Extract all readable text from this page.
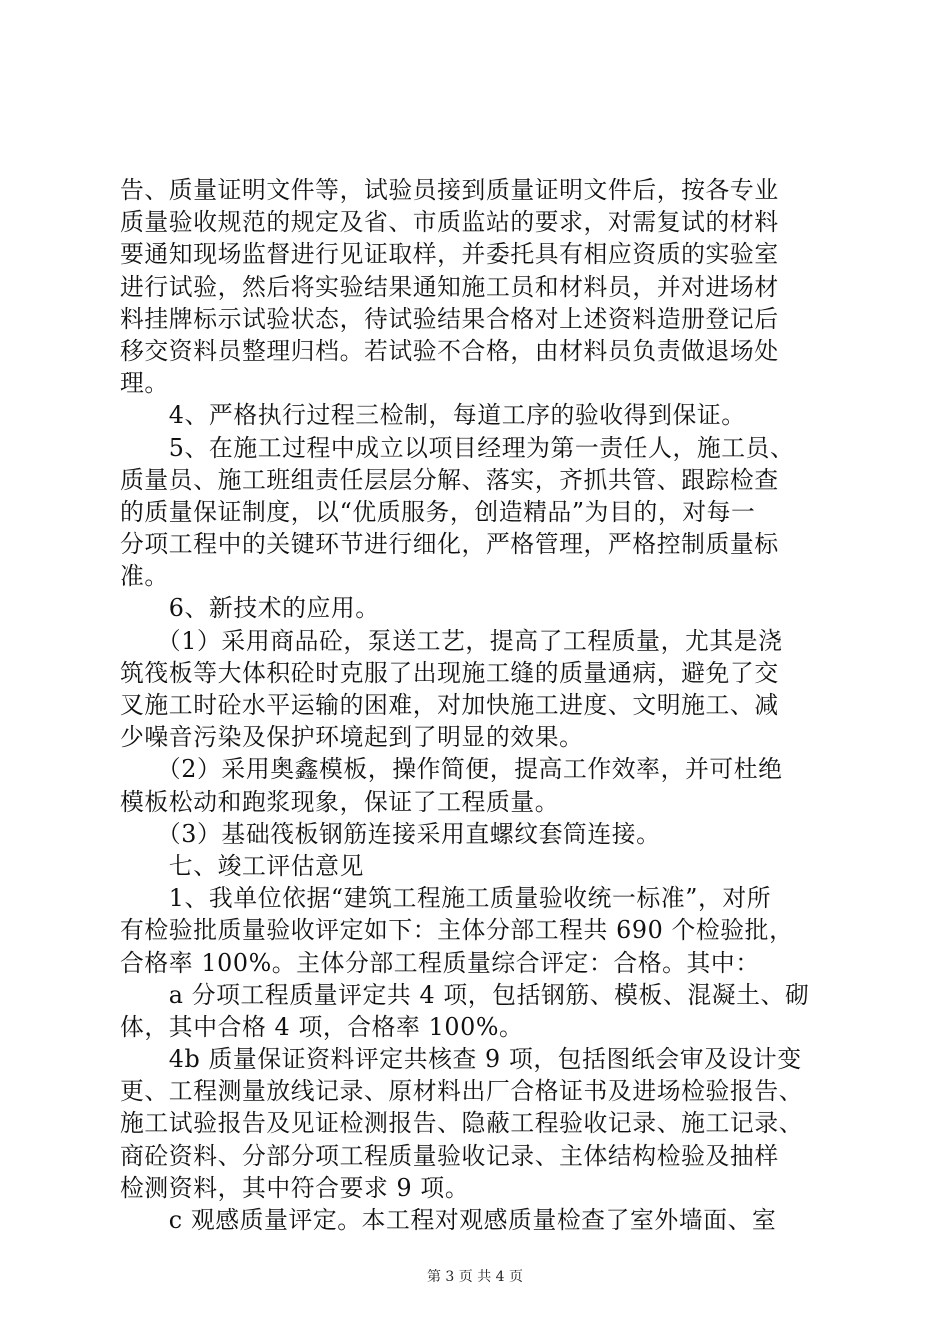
告、质量证明文件等，试验员接到质量证明文件后，按各专业
质量验收规范的规定及省、市质监站的要求，对需复试的材料
要通知现场监督进行见证取样，并委托具有相应资质的实验室
进行试验，然后将实验结果通知施工员和材料员，并对进场材
料挂牌标示试验状态，待试验结果合格对上述资料造册登记后
移交资料员整理归档。若试验不合格，由材料员负责做退场处
理。
　　4、严格执行过程三检制，每道工序的验收得到保证。
　　5、在施工过程中成立以项目经理为第一责任人，施工员、
质量员、施工班组责任层层分解、落实，齐抓共管、跟踪检查
的质量保证制度，以“优质服务，创造精品”为目的，对每一
分项工程中的关键环节进行细化，严格管理，严格控制质量标
准。
　　6、新技术的应用。
　　（1）采用商品砼，泵送工艺，提高了工程质量，尤其是浇
筑筏板等大体积砼时克服了出现施工缝的质量通病，避免了交
叉施工时砼水平运输的困难，对加快施工进度、文明施工、减
少噪音污染及保护环境起到了明显的效果。
　　（2）采用奥鑫模板，操作简便，提高工作效率，并可杜绝
模板松动和跑浆现象，保证了工程质量。
　　（3）基础筏板钢筋连接采用直螺纹套筒连接。
　　七、竣工评估意见
　　1、我单位依据“建筑工程施工质量验收统一标准”，对所
有检验批质量验收评定如下：主体分部工程共 690 个检验批，
合格率 100%。主体分部工程质量综合评定：合格。其中：
　　a 分项工程质量评定共 4 项，包括钢筋、模板、混凝土、砌
体，其中合格 4 项，合格率 100%。
　　4b 质量保证资料评定共核查 9 项，包括图纸会审及设计变
更、工程测量放线记录、原材料出厂合格证书及进场检验报告、
施工试验报告及见证检测报告、隐蔽工程验收记录、施工记录、
商砼资料、分部分项工程质量验收记录、主体结构检验及抽样
检测资料，其中符合要求 9 项。
　　c 观感质量评定。本工程对观感质量检查了室外墙面、室
第 3 页 共 4 页
